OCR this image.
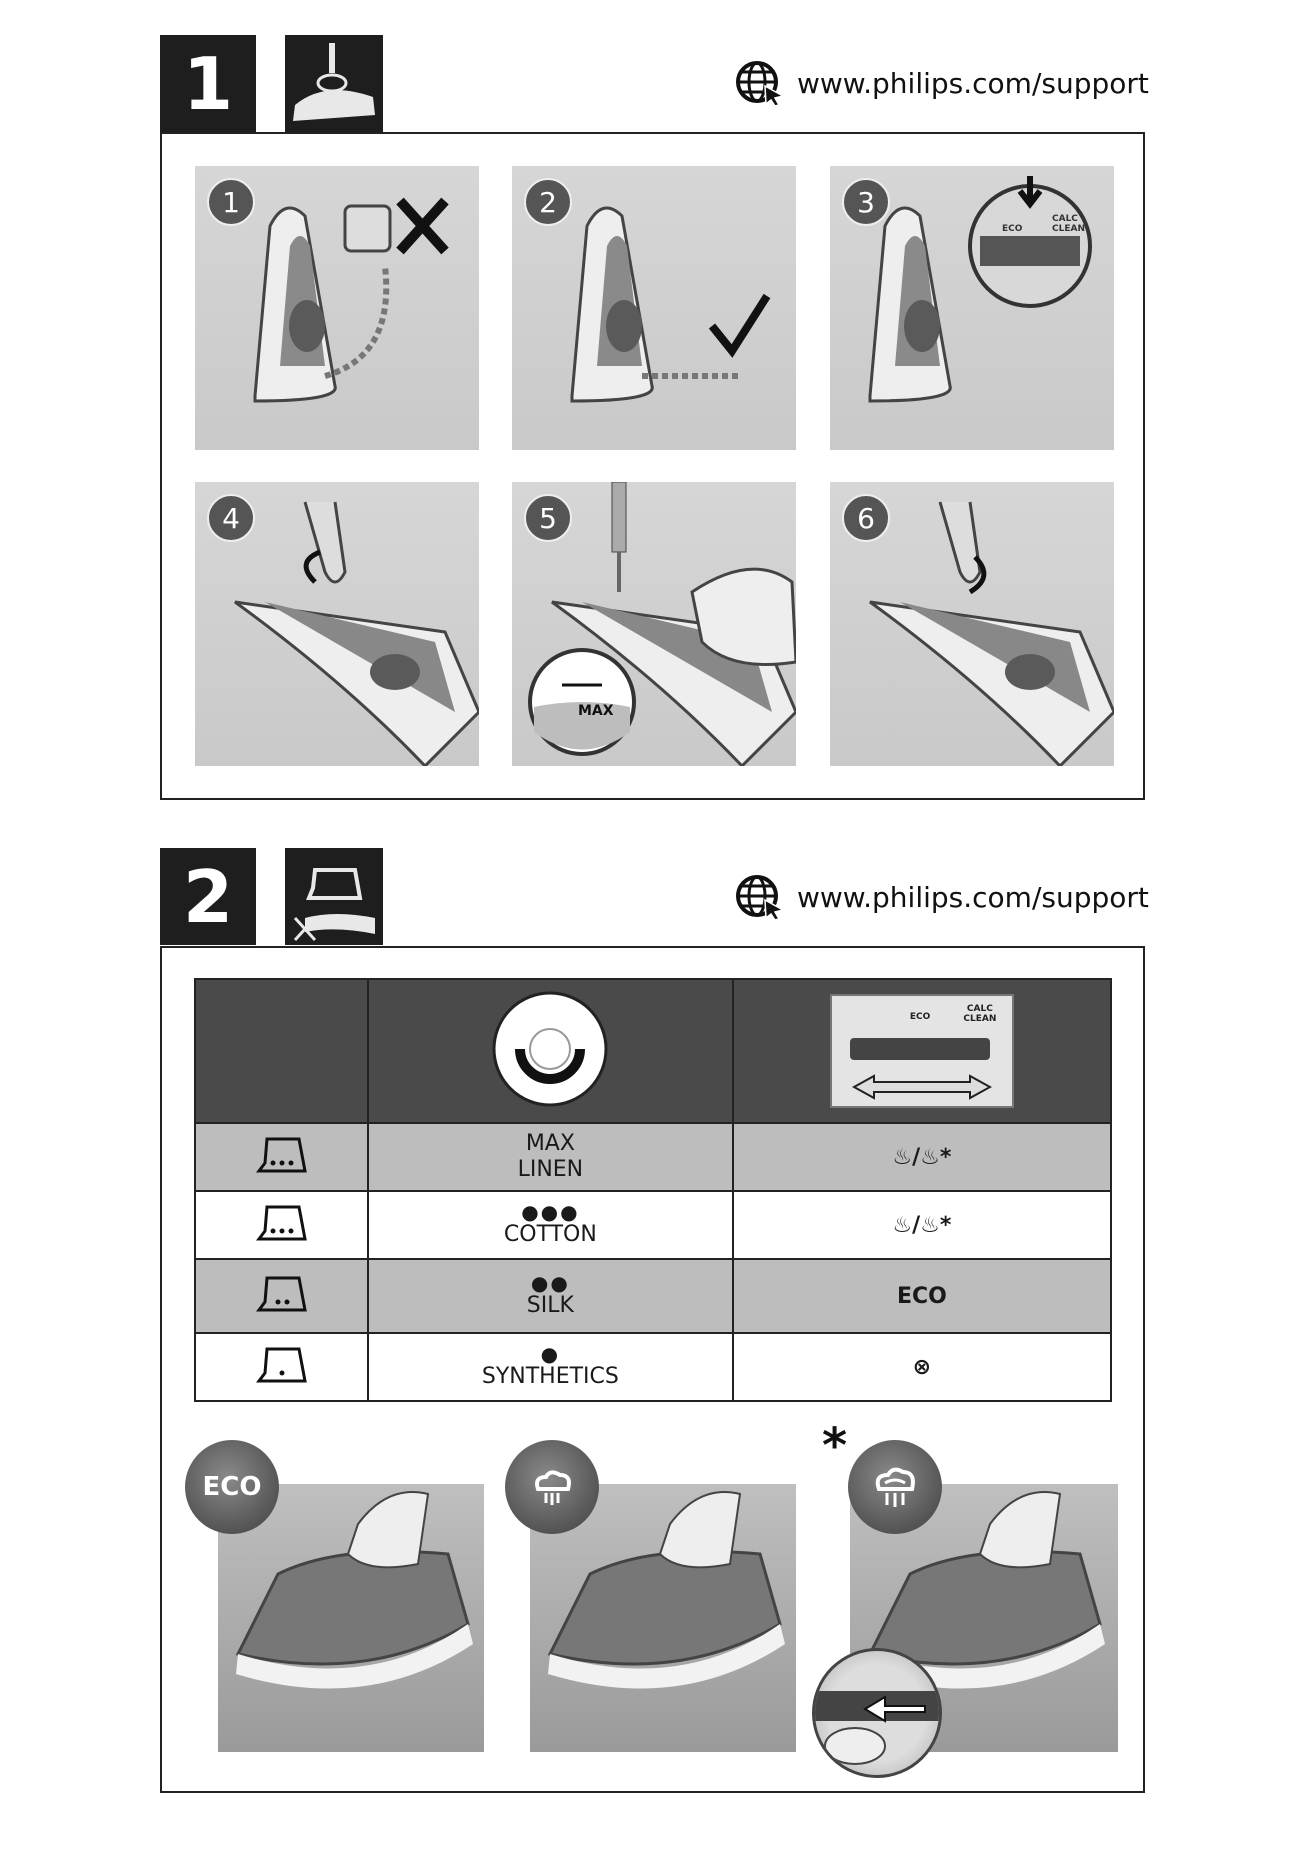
1	www.philips.com/support
1	2	3
ECO
CALC CLEAN
4	5
MAX
6
2	www.philips.com/support

ECO
CALC CLEAN

MAX
LINEN	♨/♨*

●●●
COTTON	♨/♨*

●●
SILK	ECO

●
SYNTHETICS	⊗
ECO
*
